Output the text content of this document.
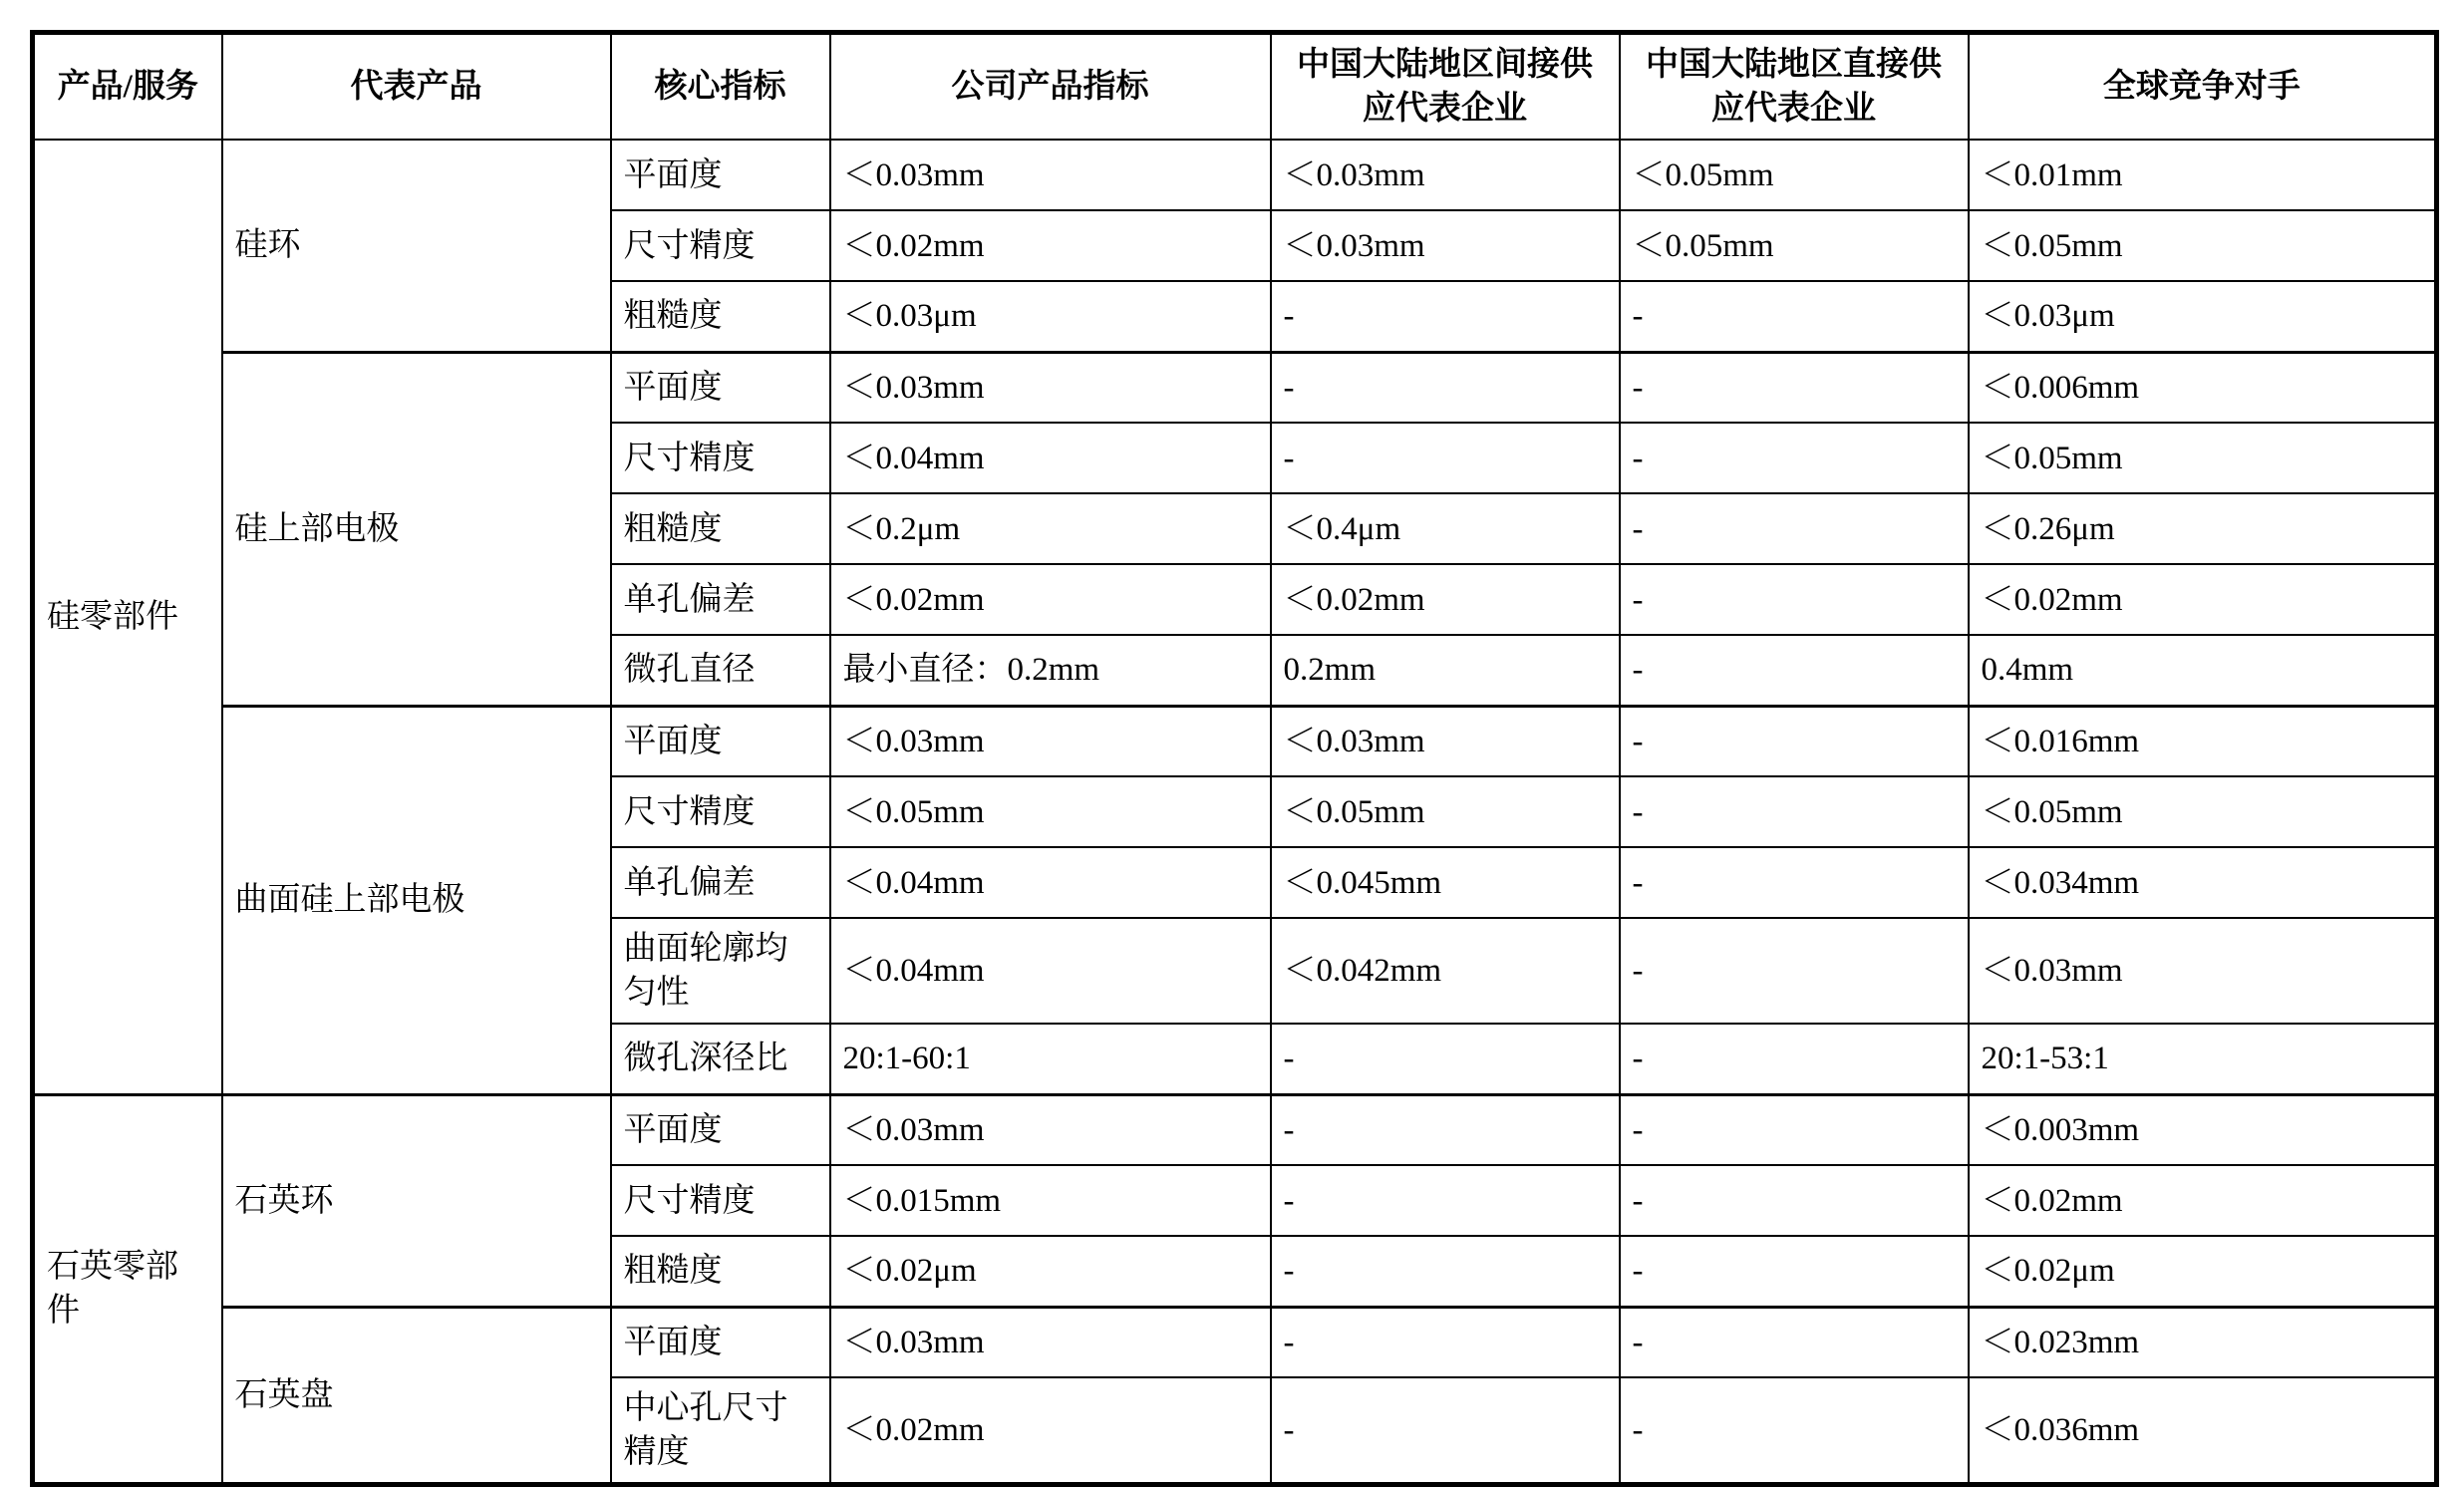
产品/服务	代表产品	核心指标	公司产品指标	中国大陆地区间接供应代表企业	中国大陆地区直接供应代表企业	全球竞争对手
硅零部件	硅环	平面度	＜0.03mm	＜0.03mm	＜0.05mm	＜0.01mm
		尺寸精度	＜0.02mm	＜0.03mm	＜0.05mm	＜0.05mm
		粗糙度	＜0.03μm	-	-	＜0.03μm
	硅上部电极	平面度	＜0.03mm	-	-	＜0.006mm
		尺寸精度	＜0.04mm	-	-	＜0.05mm
		粗糙度	＜0.2μm	＜0.4μm	-	＜0.26μm
		单孔偏差	＜0.02mm	＜0.02mm	-	＜0.02mm
		微孔直径	最小直径：0.2mm	0.2mm	-	0.4mm
	曲面硅上部电极	平面度	＜0.03mm	＜0.03mm	-	＜0.016mm
		尺寸精度	＜0.05mm	＜0.05mm	-	＜0.05mm
		单孔偏差	＜0.04mm	＜0.045mm	-	＜0.034mm
		曲面轮廓均匀性	＜0.04mm	＜0.042mm	-	＜0.03mm
		微孔深径比	20:1-60:1	-	-	20:1-53:1
石英零部件	石英环	平面度	＜0.03mm	-	-	＜0.003mm
		尺寸精度	＜0.015mm	-	-	＜0.02mm
		粗糙度	＜0.02μm	-	-	＜0.02μm
	石英盘	平面度	＜0.03mm	-	-	＜0.023mm
		中心孔尺寸精度	＜0.02mm	-	-	＜0.036mm
